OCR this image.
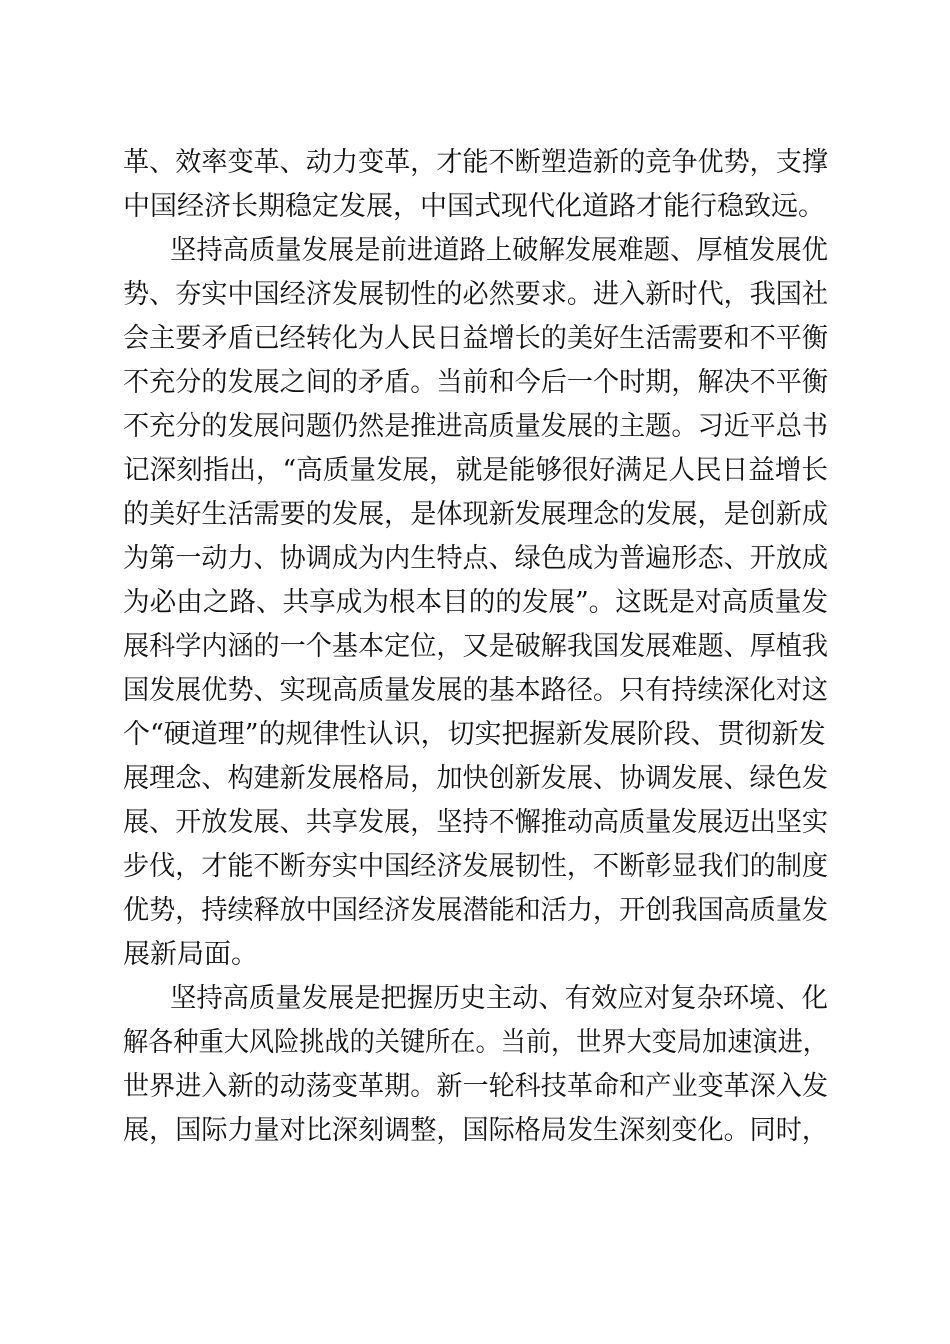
革、效率变革、动力变革，才能不断塑造新的竞争优势，支撑
中国经济长期稳定发展，中国式现代化道路才能行稳致远。
坚持高质量发展是前进道路上破解发展难题、厚植发展优
势、夯实中国经济发展韧性的必然要求。进入新时代，我国社
会主要矛盾已经转化为人民日益增长的美好生活需要和不平衡
不充分的发展之间的矛盾。当前和今后一个时期，解决不平衡
不充分的发展问题仍然是推进高质量发展的主题。习近平总书
记深刻指出，“高质量发展，就是能够很好满足人民日益增长
的美好生活需要的发展，是体现新发展理念的发展，是创新成
为第一动力、协调成为内生特点、绿色成为普遍形态、开放成
为必由之路、共享成为根本目的的发展”。这既是对高质量发
展科学内涵的一个基本定位，又是破解我国发展难题、厚植我
国发展优势、实现高质量发展的基本路径。只有持续深化对这
个“硬道理”的规律性认识，切实把握新发展阶段、贯彻新发
展理念、构建新发展格局，加快创新发展、协调发展、绿色发
展、开放发展、共享发展，坚持不懈推动高质量发展迈出坚实
步伐，才能不断夯实中国经济发展韧性，不断彰显我们的制度
优势，持续释放中国经济发展潜能和活力，开创我国高质量发
展新局面。
坚持高质量发展是把握历史主动、有效应对复杂环境、化
解各种重大风险挑战的关键所在。当前，世界大变局加速演进，
世界进入新的动荡变革期。新一轮科技革命和产业变革深入发
展，国际力量对比深刻调整，国际格局发生深刻变化。同时，
